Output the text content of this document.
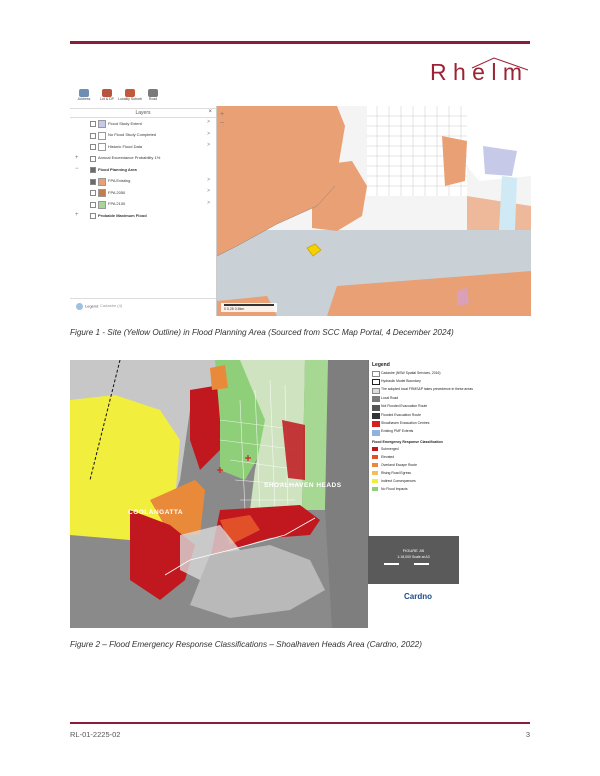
R h e l m
Address	Lot & DP	Locality Suburb	Road
Layers	×
Flood Study Extent	>
No Flood Study Completed	>
Historic Flood Data	>
+	Annual Exceedance Probability 1%
−	Flood Planning Area
FPA Existing	>
FPA 2050	>
FPA 2100	>
+	Probable Maximum Flood
Legend Cadastre (4)
+
−
0 0.25 0.5km
Figure 1 - Site (Yellow Outline) in Flood Planning Area (Sourced from SCC Map Portal, 4 December 2024)
SHOALHAVEN HEADS
COOLANGATTA
Legend
Cadastre (NSW Spatial Services, 2016)
Hydraulic Model Boundary
The adopted local FRMS&P takes precedence in these areas
Local Road
Not Flooded Evacuation Route
Flooded Evacuation Route
Shoalhaven Evacuation Centres
Existing PMF Extents
Flood Emergency Response Classification
Submerged
Elevated
Overland Escape Route
Rising Road Egress
Indirect Consequences
No Flood Impacts
FIGURE J/6
1:18,000 Scale at A3
Cardno
Figure 2 – Flood Emergency Response Classifications – Shoalhaven Heads Area (Cardno, 2022)
RL-01-2225-02	3
